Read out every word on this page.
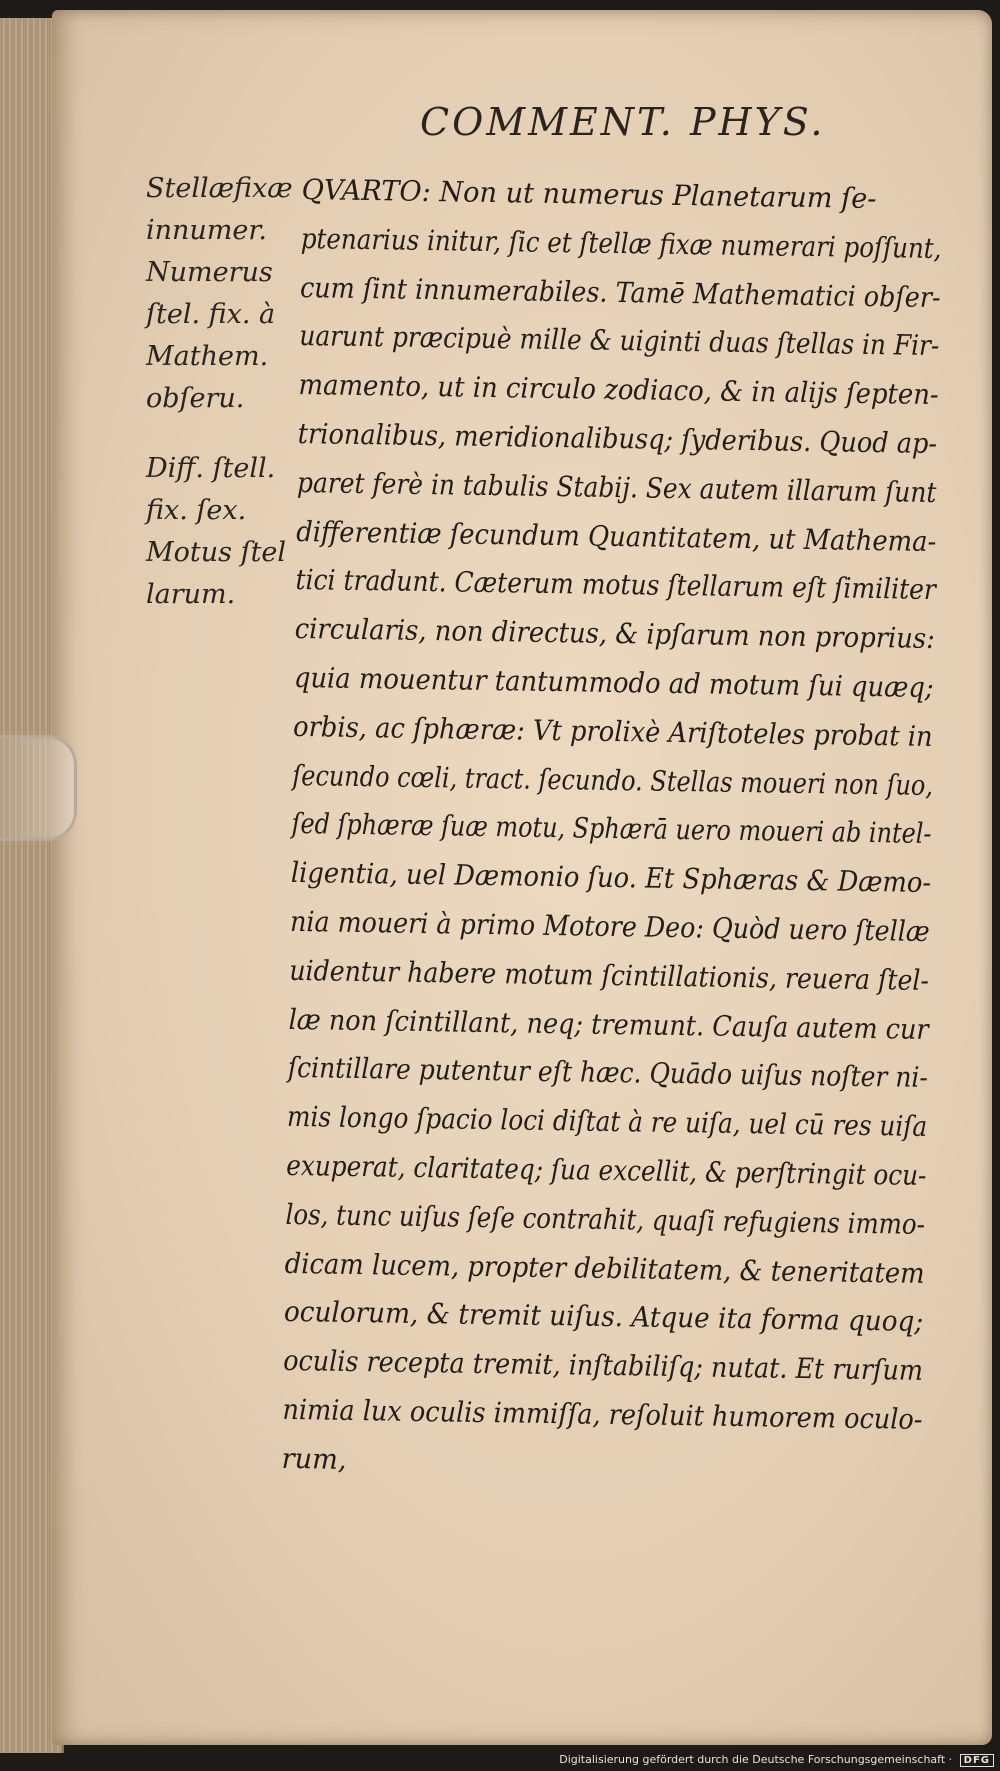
COMMENT. PHYS.

Stellæfixæ

innumer.

Numerus

ſtel. fix. à

Mathem.

obſeru.

Diff. ſtell.

fix. ſex.

Motus ſtel

larum.

QVARTO: Non ut numerus Planetarum ſe- ptenarius initur, ſic et ſtellæ fixæ numerari poſſunt, cum ſint innumerabiles. Tamē Mathematici obſer- uarunt præcipuè mille & uiginti duas ſtellas in Fir- mamento, ut in circulo zodiaco, & in alijs ſepten- trionalibus, meridionalibusq; ſyderibus. Quod ap- paret ferè in tabulis Stabij. Sex autem illarum ſunt differentiæ ſecundum Quantitatem, ut Mathema- tici tradunt. Cæterum motus ſtellarum eſt ſimiliter circularis, non directus, & ipſarum non proprius: quia mouentur tantummodo ad motum ſui quæq; orbis, ac ſphæræ: Vt prolixè Ariſtoteles probat in ſecundo cœli, tract. ſecundo. Stellas moueri non ſuo, ſed ſphæræ ſuæ motu, Sphærā uero moueri ab intel- ligentia, uel Dæmonio ſuo. Et Sphæras & Dæmo- nia moueri à primo Motore Deo: Quòd uero ſtellæ uidentur habere motum ſcintillationis, reuera ſtel- læ non ſcintillant, neq; tremunt. Cauſa autem cur ſcintillare putentur eſt hæc. Quādo uiſus noſter ni- mis longo ſpacio loci diſtat à re uiſa, uel cū res uiſa exuperat, claritateq; ſua excellit, & perſtringit ocu- los, tunc uiſus ſeſe contrahit, quaſi refugiens immo- dicam lucem, propter debilitatem, & teneritatem oculorum, & tremit uiſus. Atque ita forma quoq; oculis recepta tremit, inſtabiliſq; nutat. Et rurſum nimia lux oculis immiſſa, reſoluit humorem oculo- rum,
Digitalisierung gefördert durch die Deutsche Forschungsgemeinschaft · DFG
